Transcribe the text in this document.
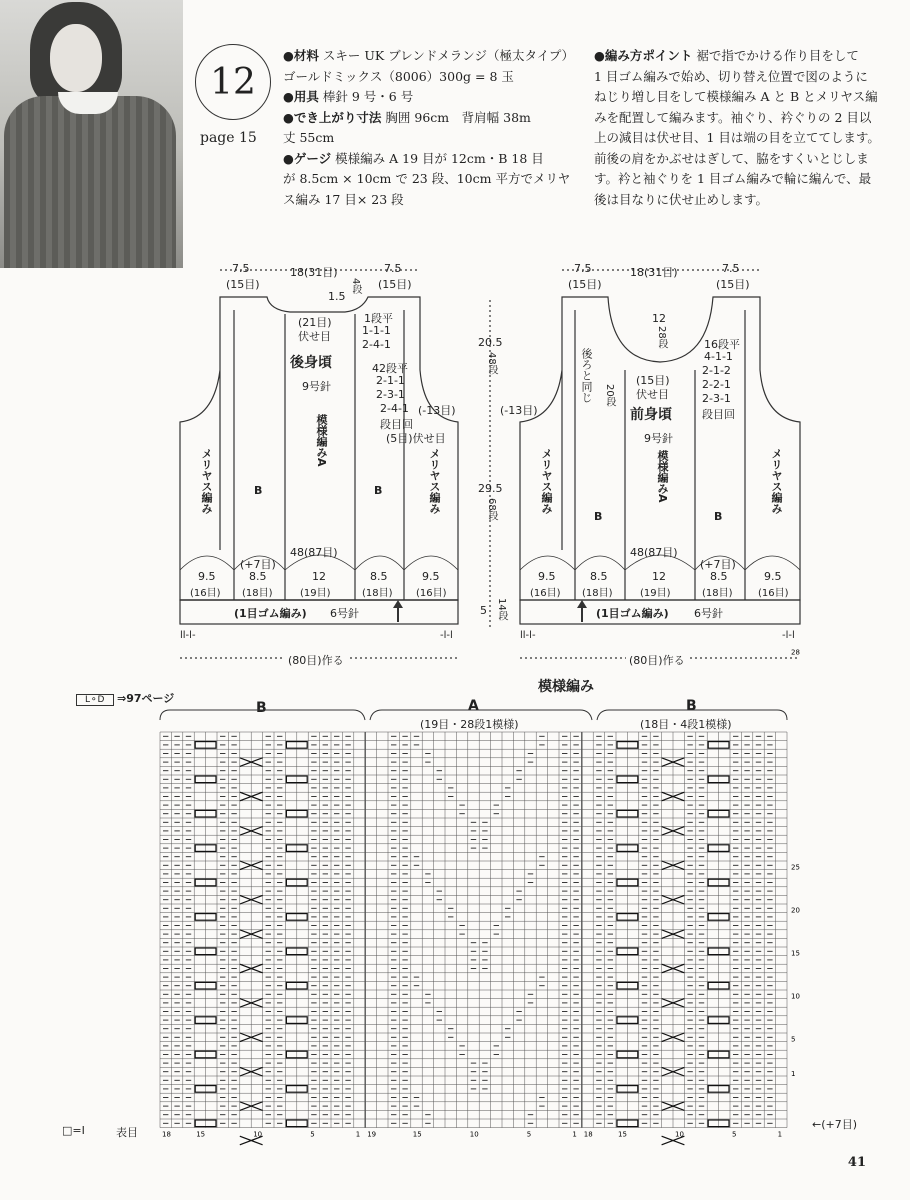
12
page 15
●材料 スキー UK ブレンドメランジ（極太タイプ）
ゴールドミックス（8006）300g = 8 玉
●用具 棒針 9 号・6 号
●でき上がり寸法 胸囲 96cm　背肩幅 38m
丈 55cm
●ゲージ 模様編み A 19 目が 12cm・B 18 目
が 8.5cm × 10cm で 23 段、10cm 平方でメリヤ
ス編み 17 目× 23 段
●編み方ポイント 裾で指でかける作り目をして
1 目ゴム編みで始め、切り替え位置で図のように
ねじり増し目をして模様編み A と B とメリヤス編
みを配置して編みます。袖ぐり、衿ぐりの 2 目以
上の減目は伏せ目、1 目は端の目を立ててします。
前後の肩をかぶせはぎして、脇をすくいとじしま
す。衿と袖ぐりを 1 目ゴム編みで輪に編んで、最
後は目なりに伏せ止めします。
7.5
(15目)
18(31目)	7.5
(15目)
1.5
4段
(21目)
伏せ目
1段平
1-1-1
2-4-1
後身頃
9号針
42段平
2-1-1
2-3-1
2-4-1
段目回
(5目)伏せ目
メリヤス編み	メリヤス編み
B	B
模様編みA
48(87目)
(+7目)
9.5	8.5	12	8.5	9.5
(16目) (18目)	(19目)	(18目) (16目)
(1目ゴム編み) 6号針
ll-l-	-l-l
(80目)作る
20.5
48段
(-13目)	(-13目)
29.5
68段
5 14段
7.5
(15目)
18(31目)	7.5
(15目)
12
28段
後ろと同じ 20段
(15目)
伏せ目
16段平
4-1-1
2-1-2
2-2-1
2-3-1
段目回
前身頃
9号針
メリヤス編み	メリヤス編み
B	B
模様編みA
48(87目)
(+7目)
9.5	8.5	12	8.5	9.5
(16目) (18目)	(19目)	(18目)	(16目)
(1目ゴム編み) 6号針
ll-l-	-l-l
(80目)作る
模様編み
ꓡ⚬D ⇒97ページ
B	A	B
(19目・28段1模様)	(18目・4段1模様)
28
25
20
15
10
5
1
18	15	10	5	1 19	15	10	5	1 18	15	10	5	1
←(+7目)
□=Ⅰ	表目
41
